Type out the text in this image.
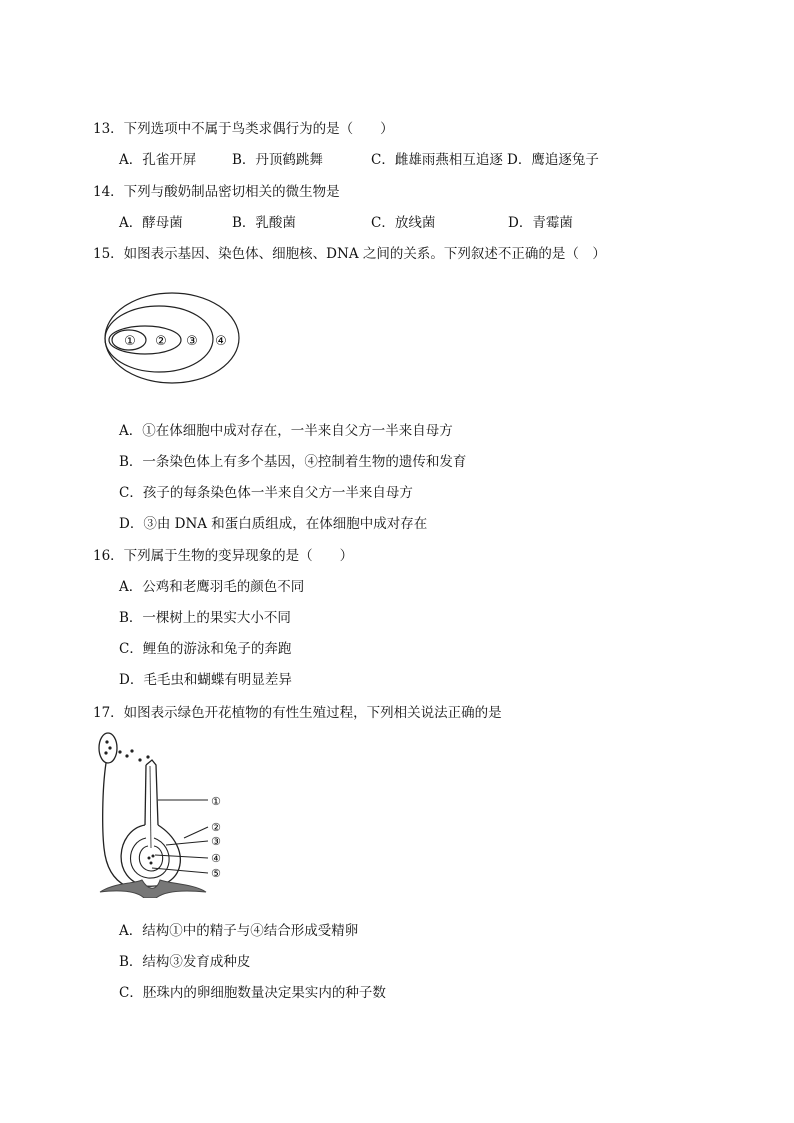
13．下列选项中不属于鸟类求偶行为的是（　　）
A．孔雀开屏	B．丹顶鹤跳舞	C．雌雄雨燕相互追逐 D．鹰追逐兔子
14．下列与酸奶制品密切相关的微生物是
A．酵母菌	B．乳酸菌	C．放线菌	D．青霉菌
15．如图表示基因、染色体、细胞核、DNA 之间的关系。下列叙述不正确的是（　）
① ② ③ ④
A．①在体细胞中成对存在，一半来自父方一半来自母方
B．一条染色体上有多个基因，④控制着生物的遗传和发育
C．孩子的每条染色体一半来自父方一半来自母方
D．③由 DNA 和蛋白质组成，在体细胞中成对存在
16．下列属于生物的变异现象的是（　　）
A．公鸡和老鹰羽毛的颜色不同
B．一棵树上的果实大小不同
C．鲤鱼的游泳和兔子的奔跑
D．毛毛虫和蝴蝶有明显差异
17．如图表示绿色开花植物的有性生殖过程，下列相关说法正确的是
①
②
③
④
⑤
A．结构①中的精子与④结合形成受精卵
B．结构③发育成种皮
C．胚珠内的卵细胞数量决定果实内的种子数
